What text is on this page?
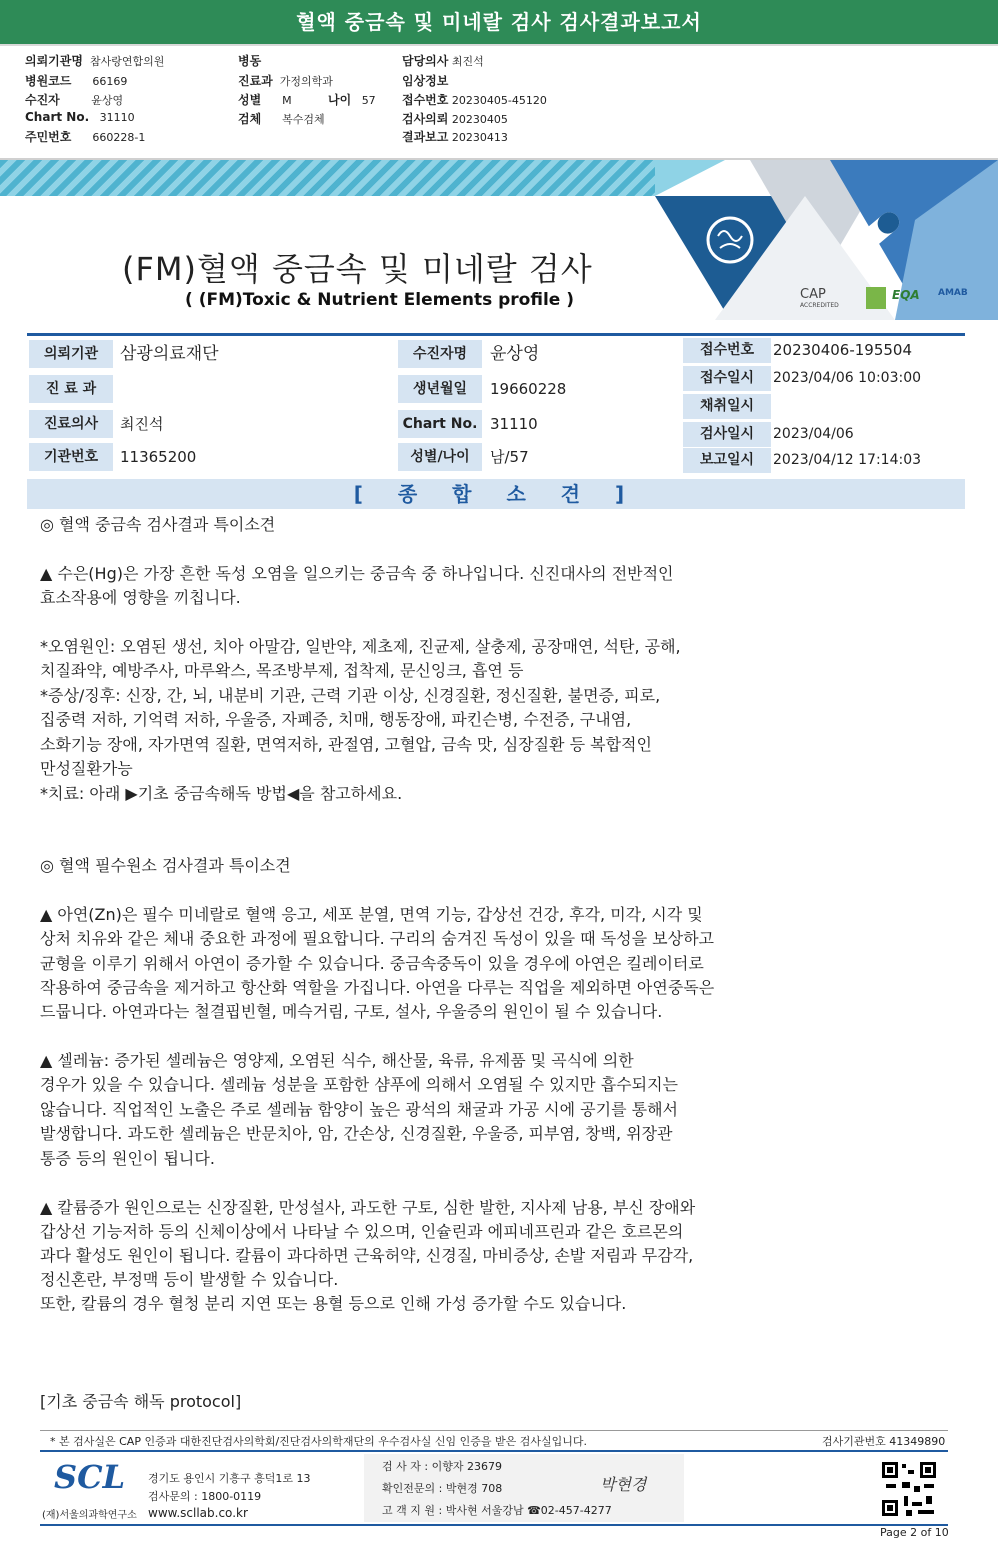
혈액 중금속 및 미네랄 검사 검사결과보고서
의뢰기관명 참사랑연합의원
병원코드 66169
수진자	윤상영
Chart No. 31110
주민번호 660228-1
병동
진료과 가정의학과
성별 M	나이 57
검체 복수검체
담당의사 최진석
임상정보
접수번호 20230405-45120
검사의뢰 20230405
결과보고 20230413
CAP
ACCREDITED
EQA AMAB
(FM)혈액 중금속 및 미네랄 검사
( (FM)Toxic & Nutrient Elements profile )
의뢰기관	삼광의료재단
진 료 과
진료의사	최진석
기관번호	11365200
수진자명	윤상영
생년월일	19660228
Chart No. 31110
성별/나이	남/57
접수번호	20230406-195504
접수일시	2023/04/06 10:03:00
채취일시
검사일시	2023/04/06
보고일시	2023/04/12 17:14:03
[ 종 합 소 견 ]
◎ 혈액 중금속 검사결과 특이소견
▲ 수은(Hg)은 가장 흔한 독성 오염을 일으키는 중금속 중 하나입니다. 신진대사의 전반적인
효소작용에 영향을 끼칩니다.
*오염원인: 오염된 생선, 치아 아말감, 일반약, 제초제, 진균제, 살충제, 공장매연, 석탄, 공해,
치질좌약, 예방주사, 마루왁스, 목조방부제, 접착제, 문신잉크, 흡연 등
*증상/징후: 신장, 간, 뇌, 내분비 기관, 근력 기관 이상, 신경질환, 정신질환, 불면증, 피로,
집중력 저하, 기억력 저하, 우울증, 자폐증, 치매, 행동장애, 파킨슨병, 수전증, 구내염,
소화기능 장애, 자가면역 질환, 면역저하, 관절염, 고혈압, 금속 맛, 심장질환 등 복합적인
만성질환가능
*치료: 아래 ▶기초 중금속해독 방법◀을 참고하세요.
◎ 혈액 필수원소 검사결과 특이소견
▲ 아연(Zn)은 필수 미네랄로 혈액 응고, 세포 분열, 면역 기능, 갑상선 건강, 후각, 미각, 시각 및
상처 치유와 같은 체내 중요한 과정에 필요합니다. 구리의 숨겨진 독성이 있을 때 독성을 보상하고
균형을 이루기 위해서 아연이 증가할 수 있습니다. 중금속중독이 있을 경우에 아연은 킬레이터로
작용하여 중금속을 제거하고 항산화 역할을 가집니다. 아연을 다루는 직업을 제외하면 아연중독은
드뭅니다. 아연과다는 철결핍빈혈, 메슥거림, 구토, 설사, 우울증의 원인이 될 수 있습니다.
▲ 셀레늄: 증가된 셀레늄은 영양제, 오염된 식수, 해산물, 육류, 유제품 및 곡식에 의한
경우가 있을 수 있습니다. 셀레늄 성분을 포함한 샴푸에 의해서 오염될 수 있지만 흡수되지는
않습니다. 직업적인 노출은 주로 셀레늄 함양이 높은 광석의 채굴과 가공 시에 공기를 통해서
발생합니다. 과도한 셀레늄은 반문치아, 암, 간손상, 신경질환, 우울증, 피부염, 창백, 위장관
통증 등의 원인이 됩니다.
▲ 칼륨증가 원인으로는 신장질환, 만성설사, 과도한 구토, 심한 발한, 지사제 남용, 부신 장애와
갑상선 기능저하 등의 신체이상에서 나타날 수 있으며, 인슐린과 에피네프린과 같은 호르몬의
과다 활성도 원인이 됩니다. 칼륨이 과다하면 근육허약, 신경질, 마비증상, 손발 저림과 무감각,
정신혼란, 부정맥 등이 발생할 수 있습니다.
또한, 칼륨의 경우 혈청 분리 지연 또는 용혈 등으로 인해 가성 증가할 수도 있습니다.
[기초 중금속 해독 protocol]
* 본 검사실은 CAP 인증과 대한진단검사의학회/진단검사의학재단의 우수검사실 신임 인증을 받은 검사실입니다.	검사기관번호 41349890
SCL
(재)서울의과학연구소
경기도 용인시 기흥구 흥덕1로 13
검사문의 : 1800-0119
www.scllab.co.kr
검 사 자 : 이향자 23679
확인전문의 : 박현경 708
고 객 지 원 : 박사현 서울강남 ☎02-457-4277
박현경
Page 2 of 10
